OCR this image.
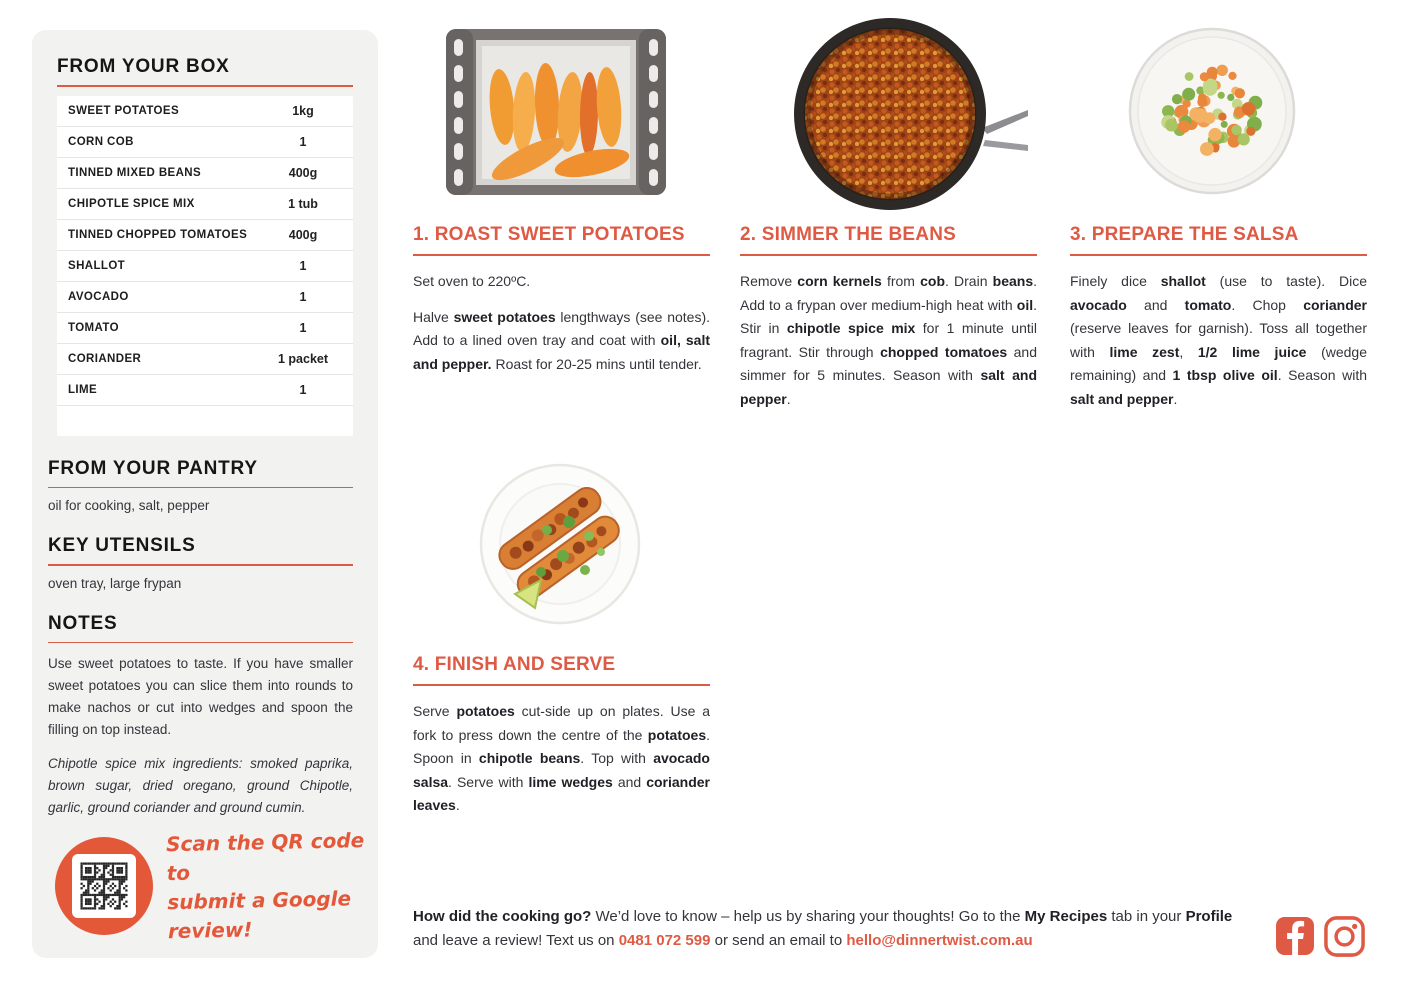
FROM YOUR BOX
SWEET POTATOES	1kg
CORN COB	1
TINNED MIXED BEANS	400g
CHIPOTLE SPICE MIX	1 tub
TINNED CHOPPED TOMATOES	400g
SHALLOT	1
AVOCADO	1
TOMATO	1
CORIANDER	1 packet
LIME	1
FROM YOUR PANTRY

oil for cooking, salt, pepper

KEY UTENSILS

oven tray, large frypan

NOTES

Use sweet potatoes to taste. If you have smaller sweet potatoes you can slice them into rounds to make nachos or cut into wedges and spoon the filling on top instead.

Chipotle spice mix ingredients: smoked paprika, brown sugar, dried oregano, ground Chipotle, garlic, ground coriander and ground cumin.

Scan the QR code to
submit a Google review!
1. ROAST SWEET POTATOES

Set oven to 220ºC.

Halve sweet potatoes lengthways (see notes). Add to a lined oven tray and coat with oil, salt and pepper. Roast for 20-25 mins until tender.

2. SIMMER THE BEANS

Remove corn kernels from cob. Drain beans. Add to a frypan over medium-high heat with oil. Stir in chipotle spice mix for 1 minute until fragrant. Stir through chopped tomatoes and simmer for 5 minutes. Season with salt and pepper.

3. PREPARE THE SALSA

Finely dice shallot (use to taste). Dice avocado and tomato. Chop coriander (reserve leaves for garnish). Toss all together with lime zest, 1/2 lime juice (wedge remaining) and 1 tbsp olive oil. Season with salt and pepper.

4. FINISH AND SERVE

Serve potatoes cut-side up on plates. Use a fork to press down the centre of the potatoes. Spoon in chipotle beans. Top with avocado salsa. Serve with lime wedges and coriander leaves.

How did the cooking go? We’d love to know – help us by sharing your thoughts! Go to the My Recipes tab in your Profile and leave a review! Text us on 0481 072 599 or send an email to hello@dinnertwist.com.au
